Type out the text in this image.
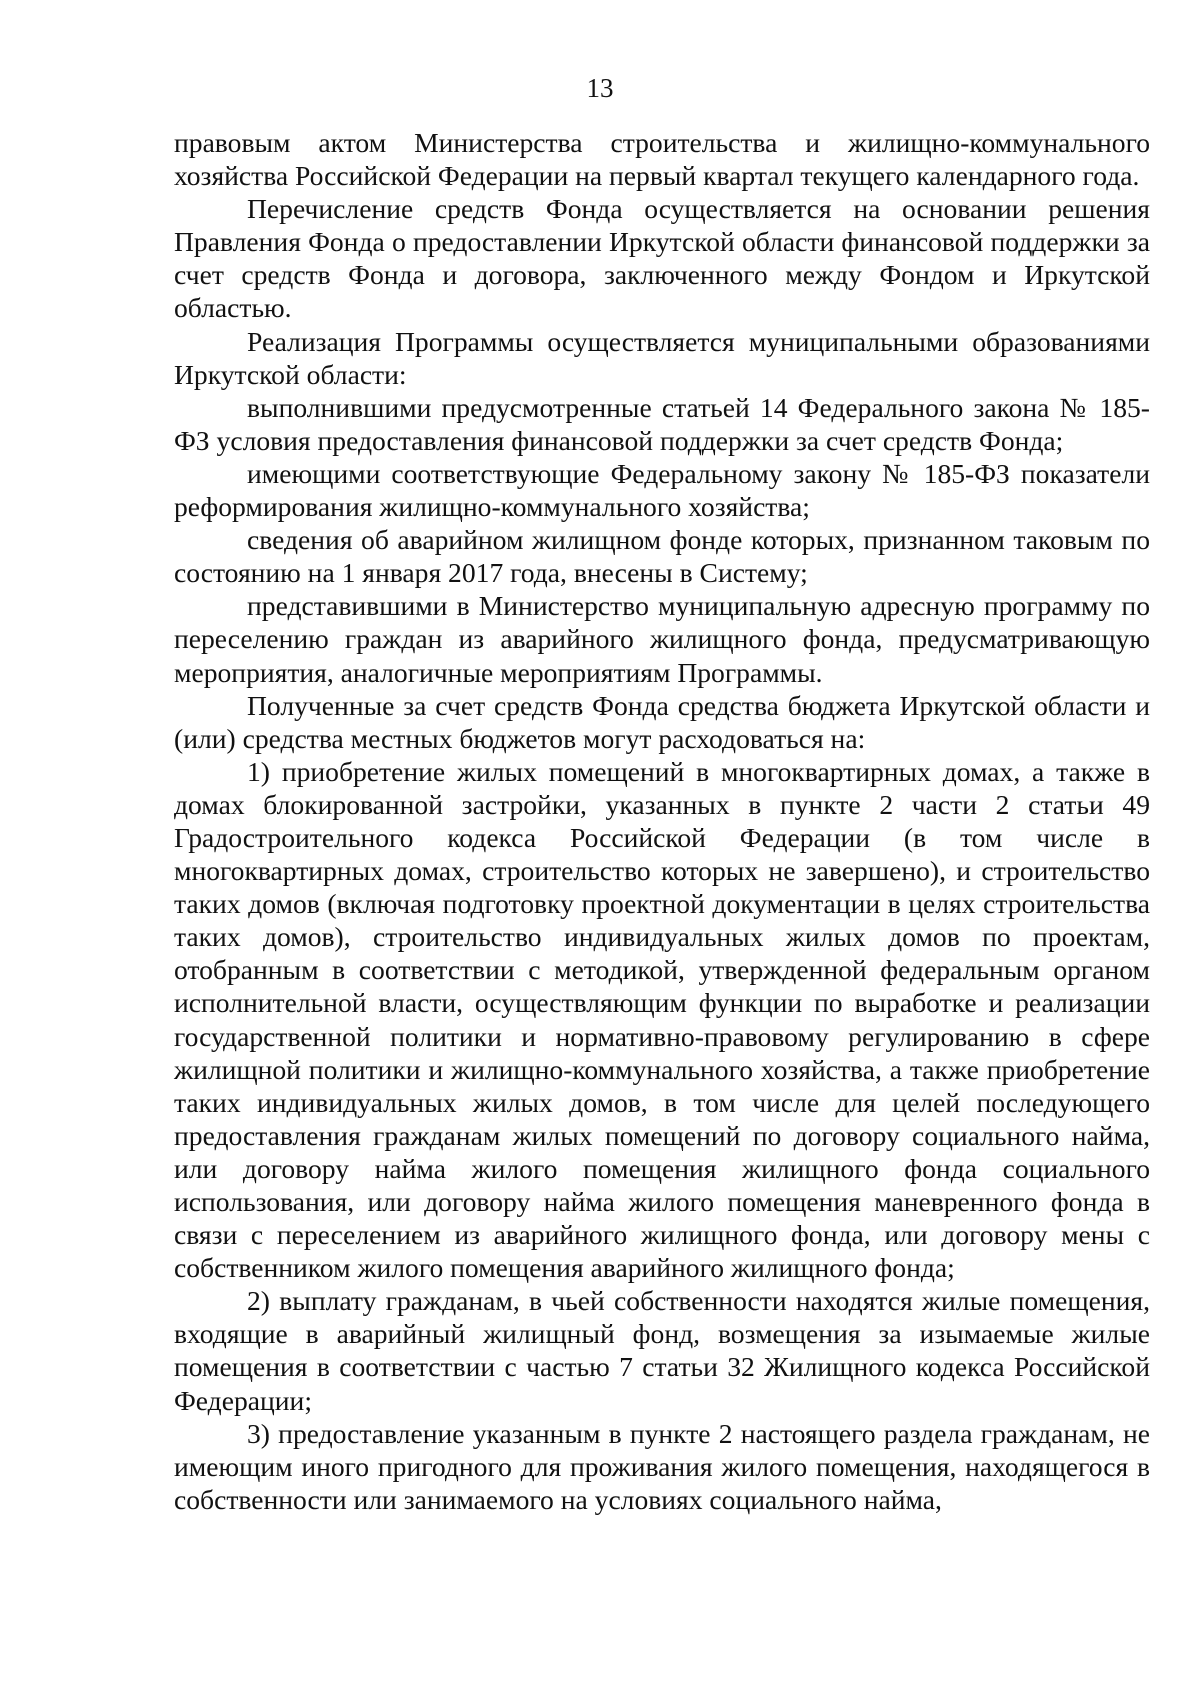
13

правовым актом Министерства строительства и жилищно-коммунального хозяйства Российской Федерации на первый квартал текущего календарного года.

Перечисление средств Фонда осуществляется на основании решения Правления Фонда о предоставлении Иркутской области финансовой поддержки за счет средств Фонда и договора, заключенного между Фондом и Иркутской областью.

Реализация Программы осуществляется муниципальными образованиями Иркутской области:

выполнившими предусмотренные статьей 14 Федерального закона № 185-ФЗ условия предоставления финансовой поддержки за счет средств Фонда;

имеющими соответствующие Федеральному закону № 185-ФЗ показатели реформирования жилищно-коммунального хозяйства;

сведения об аварийном жилищном фонде которых, признанном таковым по состоянию на 1 января 2017 года, внесены в Систему;

представившими в Министерство муниципальную адресную программу по переселению граждан из аварийного жилищного фонда, предусматривающую мероприятия, аналогичные мероприятиям Программы.

Полученные за счет средств Фонда средства бюджета Иркутской области и (или) средства местных бюджетов могут расходоваться на:

1) приобретение жилых помещений в многоквартирных домах, а также в домах блокированной застройки, указанных в пункте 2 части 2 статьи 49 Градостроительного кодекса Российской Федерации (в том числе в многоквартирных домах, строительство которых не завершено), и строительство таких домов (включая подготовку проектной документации в целях строительства таких домов), строительство индивидуальных жилых домов по проектам, отобранным в соответствии с методикой, утвержденной федеральным органом исполнительной власти, осуществляющим функции по выработке и реализации государственной политики и нормативно-правовому регулированию в сфере жилищной политики и жилищно-коммунального хозяйства, а также приобретение таких индивидуальных жилых домов, в том числе для целей последующего предоставления гражданам жилых помещений по договору социального найма, или договору найма жилого помещения жилищного фонда социального использования, или договору найма жилого помещения маневренного фонда в связи с переселением из аварийного жилищного фонда, или договору мены с собственником жилого помещения аварийного жилищного фонда;

2) выплату гражданам, в чьей собственности находятся жилые помещения, входящие в аварийный жилищный фонд, возмещения за изымаемые жилые помещения в соответствии с частью 7 статьи 32 Жилищного кодекса Российской Федерации;

3) предоставление указанным в пункте 2 настоящего раздела гражданам, не имеющим иного пригодного для проживания жилого помещения, находящегося в собственности или занимаемого на условиях социального найма,
